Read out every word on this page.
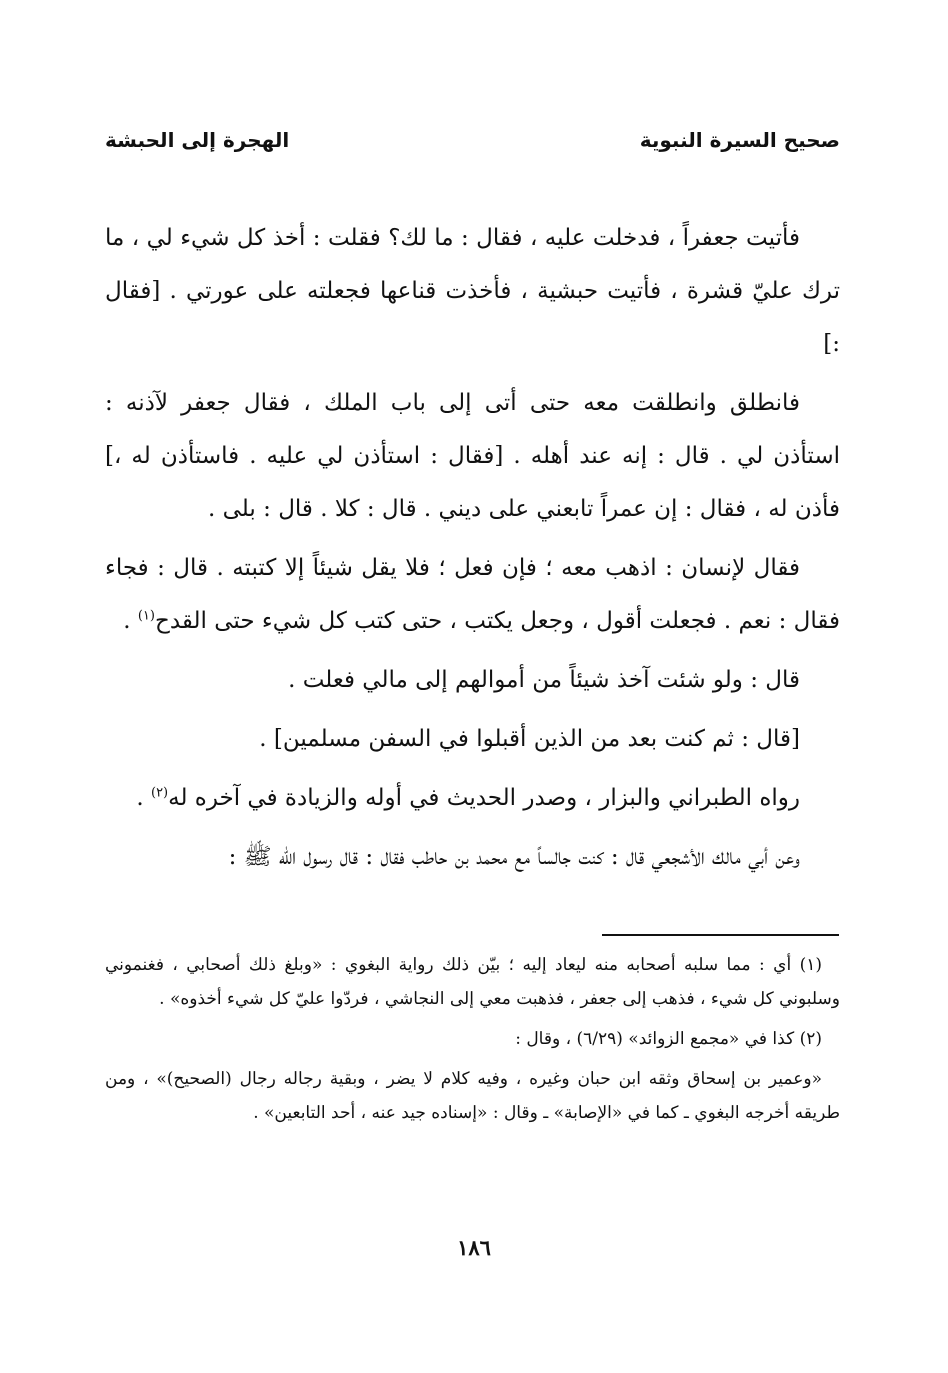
صحيح السيرة النبوية
الهجرة إلى الحبشة

فأتيت جعفراً ، فدخلت عليه ، فقال : ما لك؟ فقلت : أخذ كل شيء لي ، ما ترك عليّ قشرة ، فأتيت حبشية ، فأخذت قناعها فجعلته على عورتي . [فقال :]

فانطلق وانطلقت معه حتى أتى إلى باب الملك ، فقال جعفر لآذنه : استأذن لي . قال : إنه عند أهله . [فقال : استأذن لي عليه . فاستأذن له ،] فأذن له ، فقال : إن عمراً تابعني على ديني . قال : كلا . قال : بلى .

فقال لإنسان : اذهب معه ؛ فإن فعل ؛ فلا يقل شيئاً إلا كتبته . قال : فجاء فقال : نعم . فجعلت أقول ، وجعل يكتب ، حتى كتب كل شيء حتى القدح$^{(١)}$ .

قال : ولو شئت آخذ شيئاً من أموالهم إلى مالي فعلت .

[قال : ثم كنت بعد من الذين أقبلوا في السفن مسلمين] .

رواه الطبراني والبزار ، وصدر الحديث في أوله والزيادة في آخره له$^{(٢)}$ .

وعن أبي مالك الأشجعي قال : كنت جالساً مع محمد بن حاطب فقال : قال رسول الله ﷺ :

(١) أي : مما سلبه أصحابه منه ليعاد إليه ؛ بيّن ذلك رواية البغوي : «وبلغ ذلك أصحابي ، فغنموني وسلبوني كل شيء ، فذهب إلى جعفر ، فذهبت معي إلى النجاشي ، فردّوا عليّ كل شيء أخذوه» .

(٢) كذا في «مجمع الزوائد» (٦/٢٩) ، وقال :

«وعمير بن إسحاق وثقه ابن حبان وغيره ، وفيه كلام لا يضر ، وبقية رجاله رجال (الصحيح)» ، ومن طريقه أخرجه البغوي ـ كما في «الإصابة» ـ وقال : «إسناده جيد عنه ، أحد التابعين» .

١٨٦
